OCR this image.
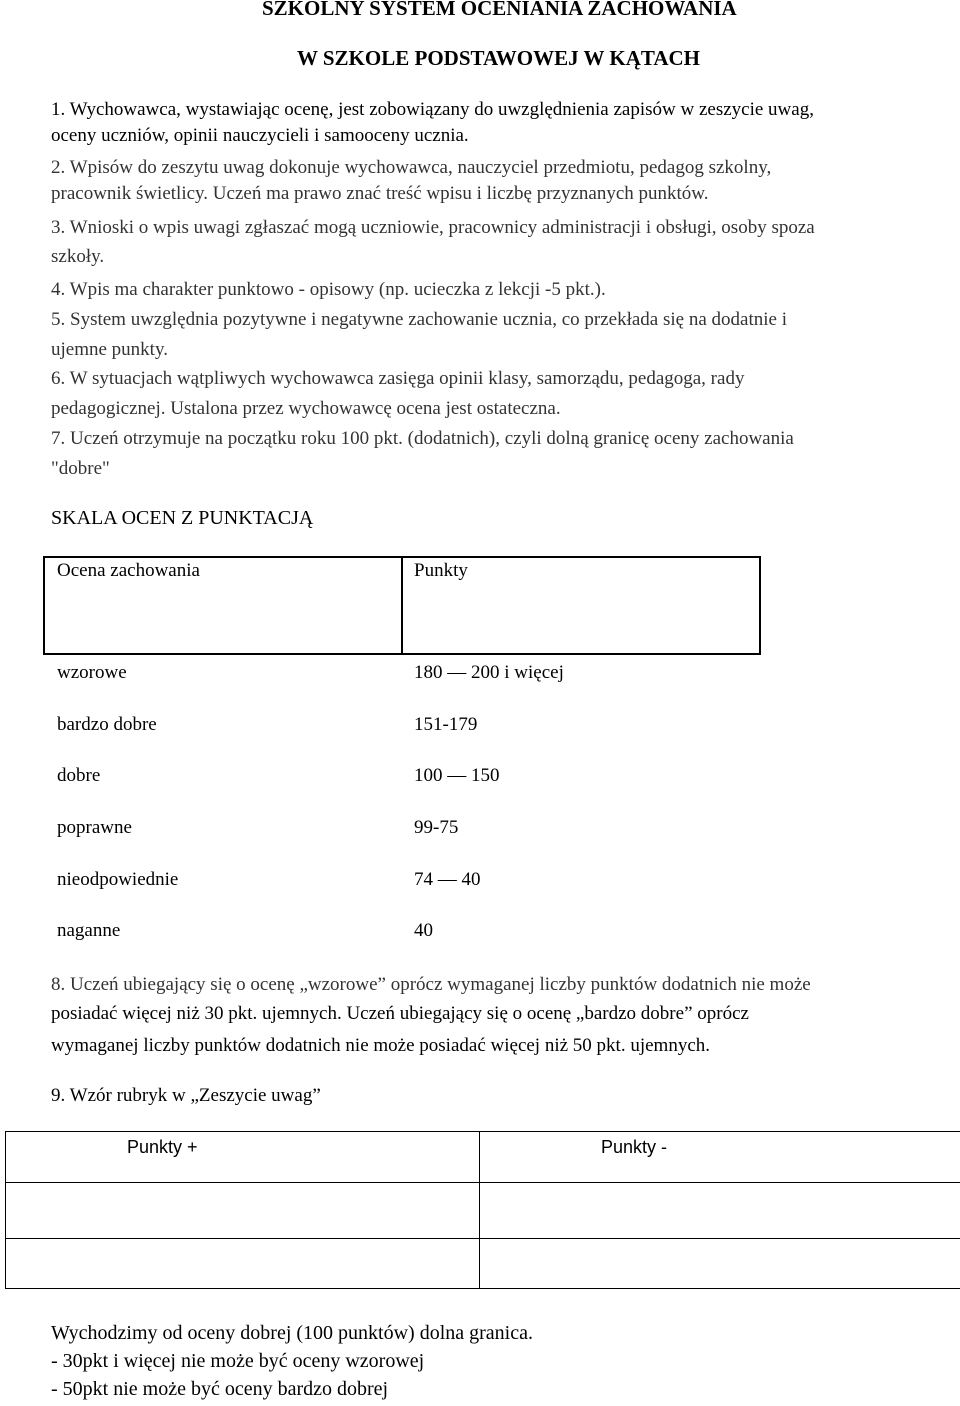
SZKOLNY SYSTEM OCENIANIA ZACHOWANIA
W SZKOLE PODSTAWOWEJ W KĄTACH
1. Wychowawca, wystawiając ocenę, jest zobowiązany do uwzględnienia zapisów w zeszycie uwag,
oceny uczniów, opinii nauczycieli i samooceny ucznia.
2. Wpisów do zeszytu uwag dokonuje wychowawca, nauczyciel przedmiotu, pedagog szkolny,
pracownik świetlicy. Uczeń ma prawo znać treść wpisu i liczbę przyznanych punktów.
3. Wnioski o wpis uwagi zgłaszać mogą uczniowie, pracownicy administracji i obsługi, osoby spoza
szkoły.
4. Wpis ma charakter punktowo - opisowy (np. ucieczka z lekcji -5 pkt.).
5. System uwzględnia pozytywne i negatywne zachowanie ucznia, co przekłada się na dodatnie i
ujemne punkty.
6. W sytuacjach wątpliwych wychowawca zasięga opinii klasy, samorządu, pedagoga, rady
pedagogicznej. Ustalona przez wychowawcę ocena jest ostateczna.
7. Uczeń otrzymuje na początku roku 100 pkt. (dodatnich), czyli dolną granicę oceny zachowania
"dobre"
SKALA OCEN Z PUNKTACJĄ
Ocena zachowania	Punkty
wzorowe	180 — 200 i więcej
bardzo dobre	151-179
dobre	100 — 150
poprawne	99-75
nieodpowiednie	74 — 40
naganne	40
8. Uczeń ubiegający się o ocenę „wzorowe” oprócz wymaganej liczby punktów dodatnich nie może
posiadać więcej niż 30 pkt. ujemnych. Uczeń ubiegający się o ocenę „bardzo dobre” oprócz
wymaganej liczby punktów dodatnich nie może posiadać więcej niż 50 pkt. ujemnych.
9. Wzór rubryk w „Zeszycie uwag”
Punkty +	Punkty -
Wychodzimy od oceny dobrej (100 punktów) dolna granica.
- 30pkt i więcej nie może być oceny wzorowej
- 50pkt nie może być oceny bardzo dobrej
